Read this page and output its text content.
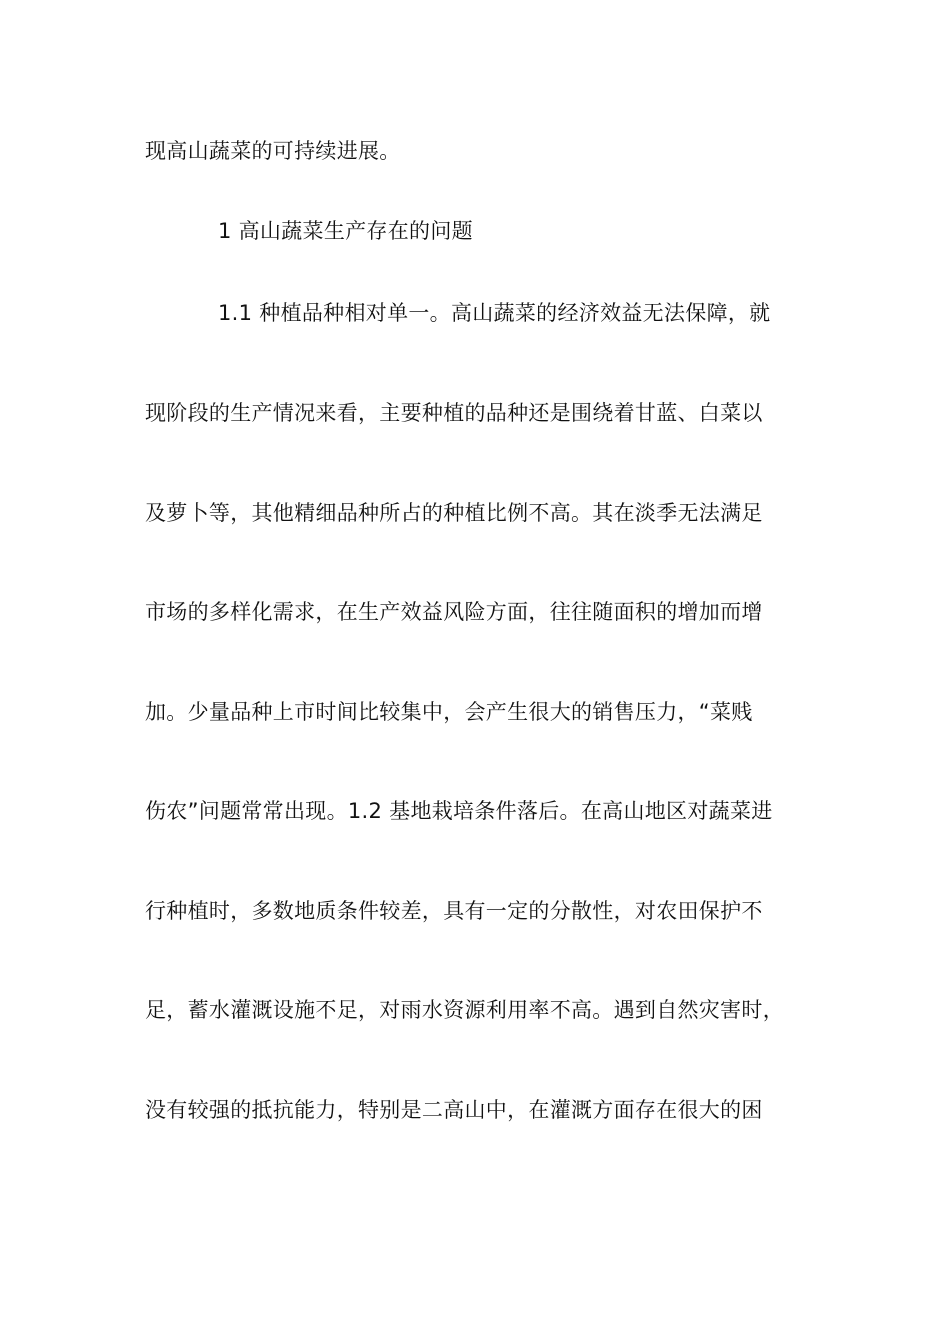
现高山蔬菜的可持续进展。
1 高山蔬菜生产存在的问题
1.1 种植品种相对单一。高山蔬菜的经济效益无法保障，就
现阶段的生产情况来看，主要种植的品种还是围绕着甘蓝、白菜以
及萝卜等，其他精细品种所占的种植比例不高。其在淡季无法满足
市场的多样化需求，在生产效益风险方面，往往随面积的增加而增
加。少量品种上市时间比较集中，会产生很大的销售压力，“菜贱
伤农”问题常常出现。1.2 基地栽培条件落后。在高山地区对蔬菜进
行种植时，多数地质条件较差，具有一定的分散性，对农田保护不
足，蓄水灌溉设施不足，对雨水资源利用率不高。遇到自然灾害时，
没有较强的抵抗能力，特别是二高山中，在灌溉方面存在很大的困
